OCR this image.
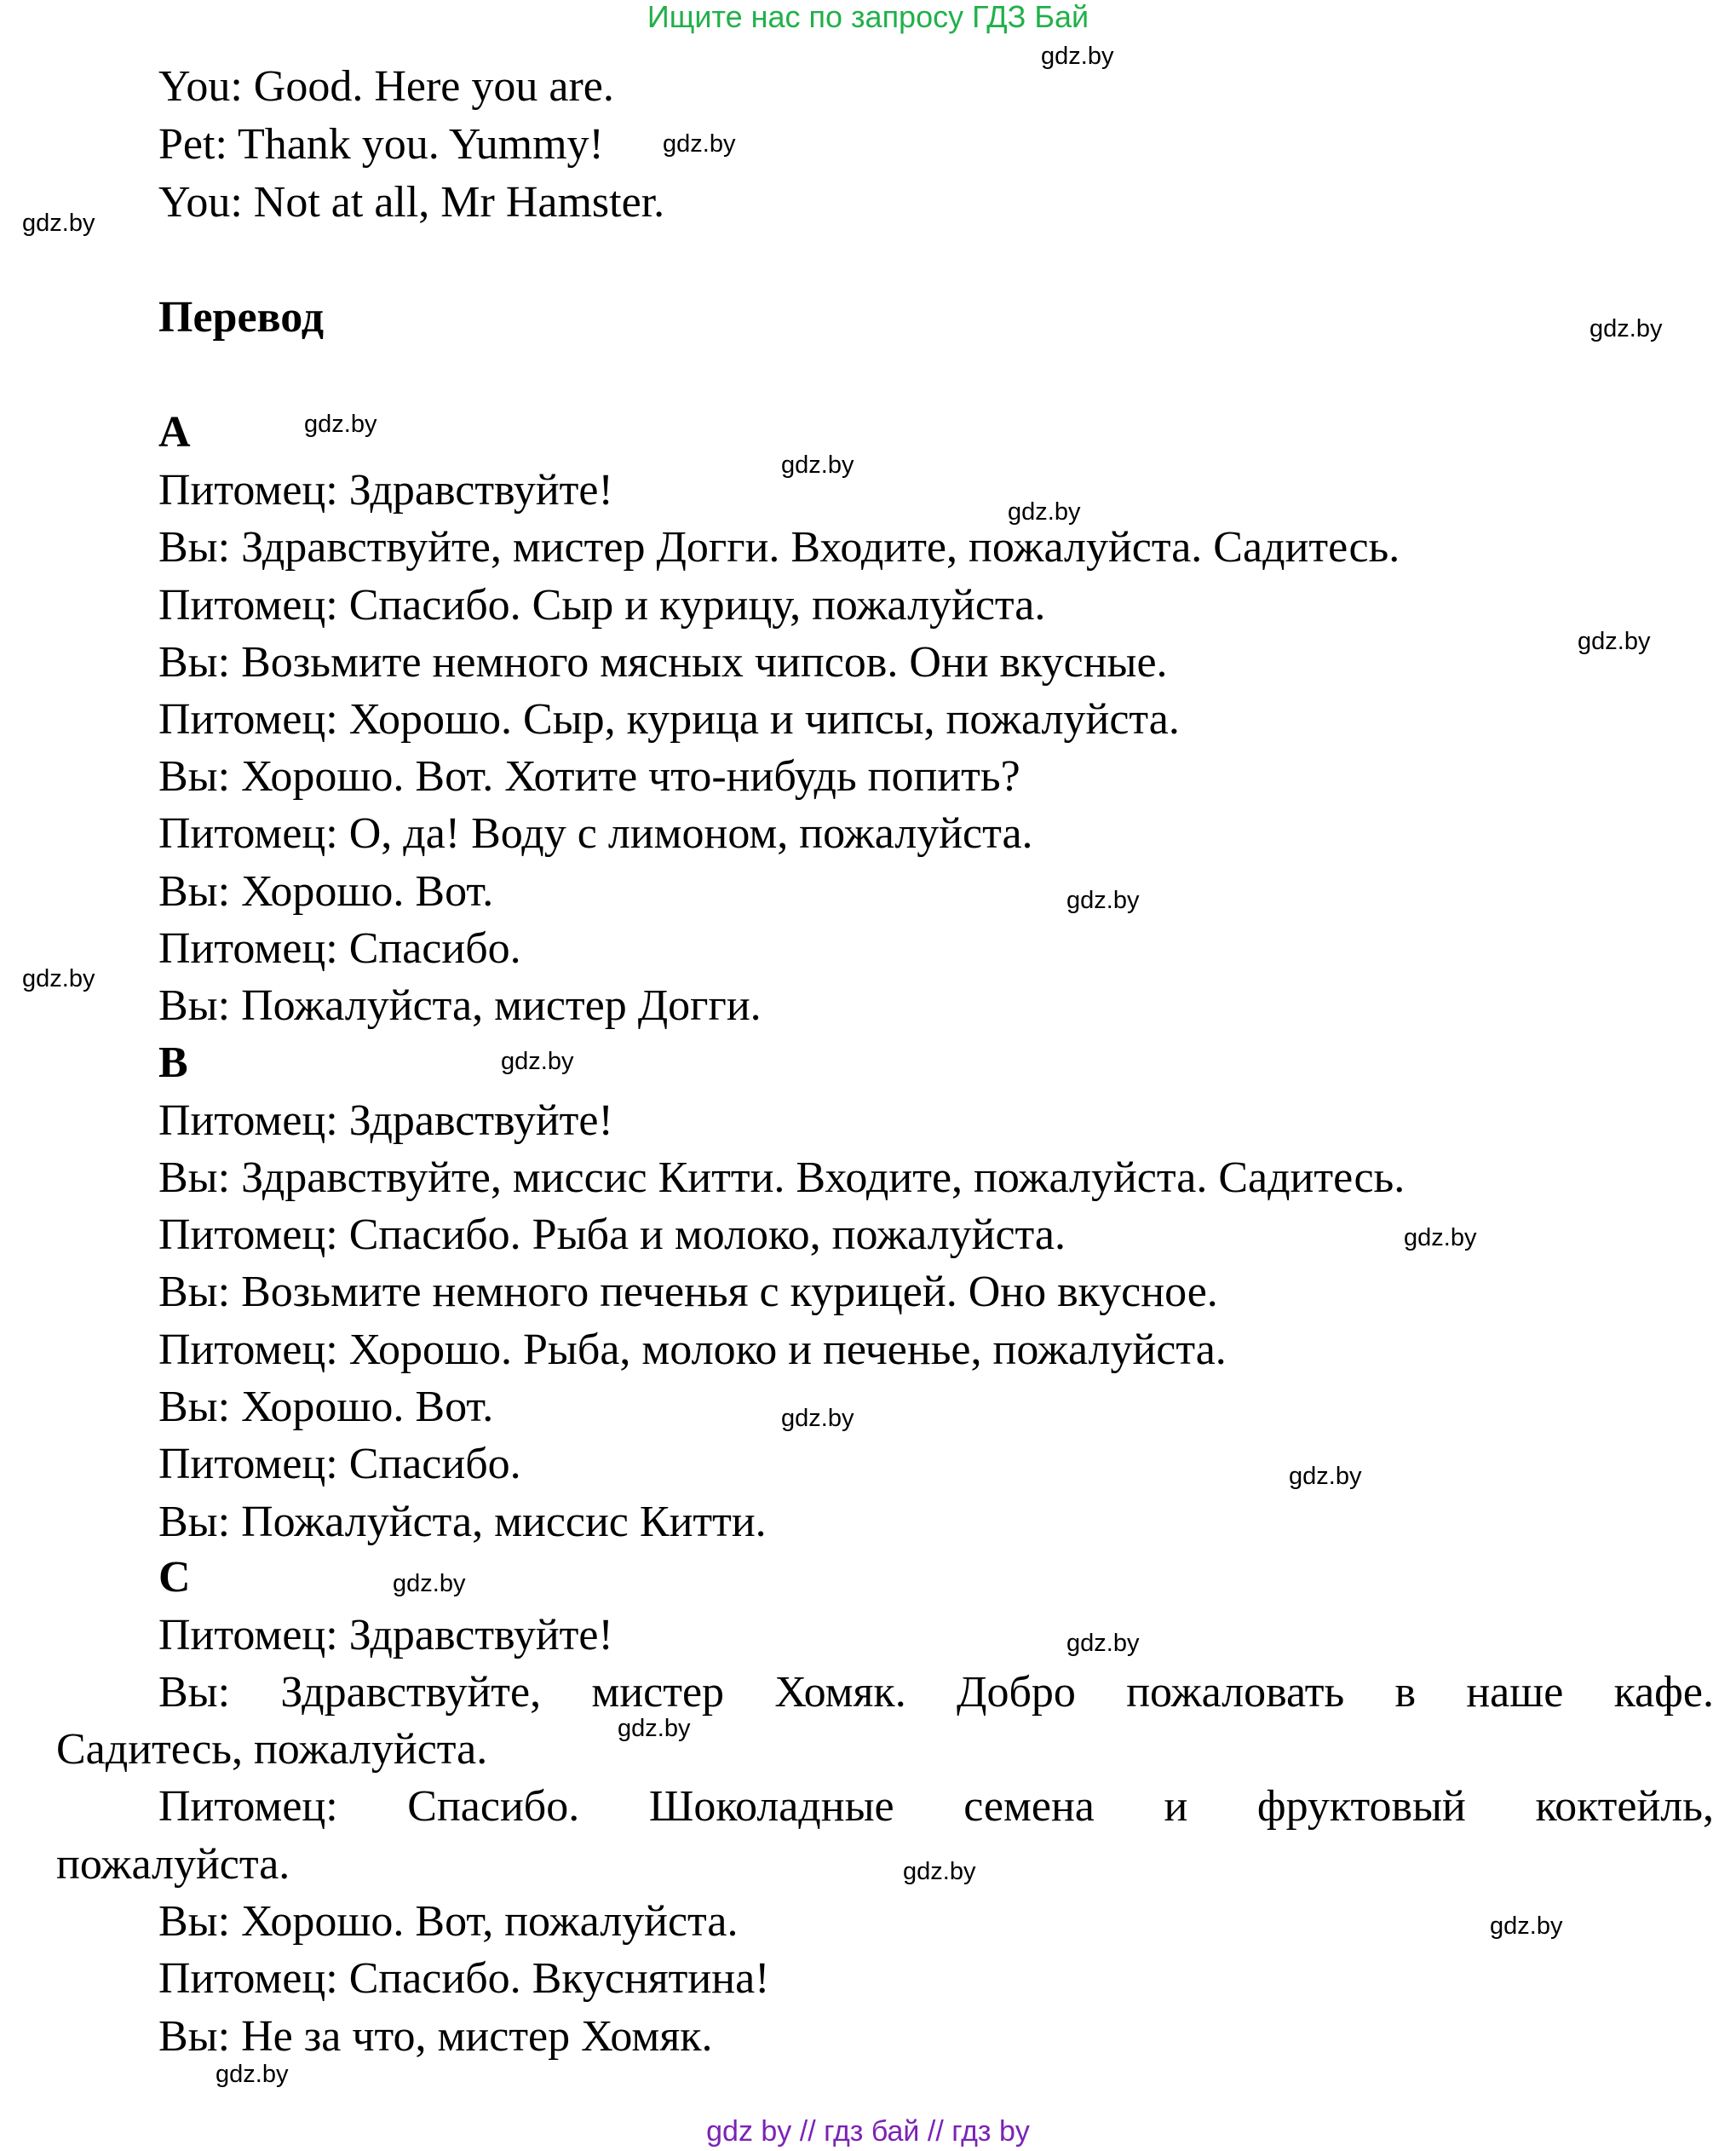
Ищите нас по запросу ГДЗ Бай
You: Good. Here you are.
Pet: Thank you. Yummy!
You: Not at all, Mr Hamster.
Перевод
A
Питомец: Здравствуйте!
Вы: Здравствуйте, мистер Догги. Входите, пожалуйста. Садитесь.
Питомец: Спасибо. Сыр и курицу, пожалуйста.
Вы: Возьмите немного мясных чипсов. Они вкусные.
Питомец: Хорошо. Сыр, курица и чипсы, пожалуйста.
Вы: Хорошо. Вот. Хотите что-нибудь попить?
Питомец: О, да! Воду с лимоном, пожалуйста.
Вы: Хорошо. Вот.
Питомец: Спасибо.
Вы: Пожалуйста, мистер Догги.
B
Питомец: Здравствуйте!
Вы: Здравствуйте, миссис Китти. Входите, пожалуйста. Садитесь.
Питомец: Спасибо. Рыба и молоко, пожалуйста.
Вы: Возьмите немного печенья с курицей. Оно вкусное.
Питомец: Хорошо. Рыба, молоко и печенье, пожалуйста.
Вы: Хорошо. Вот.
Питомец: Спасибо.
Вы: Пожалуйста, миссис Китти.
C
Питомец: Здравствуйте!
Вы: Здравствуйте, мистер Хомяк. Добро пожаловать в наше кафе.
Садитесь, пожалуйста.
Питомец: Спасибо. Шоколадные семена и фруктовый коктейль,
пожалуйста.
Вы: Хорошо. Вот, пожалуйста.
Питомец: Спасибо. Вкуснятина!
Вы: Не за что, мистер Хомяк.
gdz.by
gdz.by
gdz.by
gdz.by
gdz.by
gdz.by
gdz.by
gdz.by
gdz.by
gdz.by
gdz.by
gdz.by
gdz.by
gdz.by
gdz.by
gdz.by
gdz.by
gdz.by
gdz.by
gdz.by
gdz by // гдз бай // гдз by
